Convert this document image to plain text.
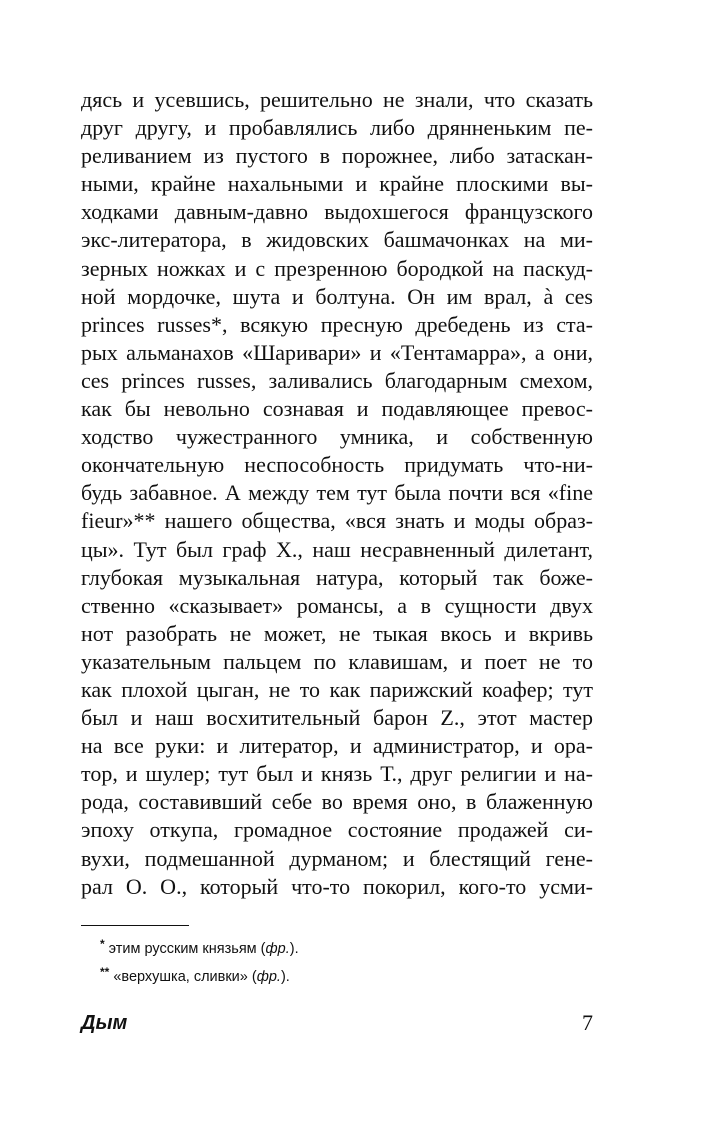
дясь и усевшись, решительно не знали, что сказать
друг другу, и пробавлялись либо дрянненьким пе-
реливанием из пустого в порожнее, либо затаскан-
ными, крайне нахальными и крайне плоскими вы-
ходками давным-давно выдохшегося французского
экс-литератора, в жидовских башмачонках на ми-
зерных ножках и с презренною бородкой на паскуд-
ной мордочке, шута и болтуна. Он им врал, à ces
princes russes*, всякую пресную дребедень из ста-
рых альманахов «Шаривари» и «Тентамарра», а они,
ces princes russes, заливались благодарным смехом,
как бы невольно сознавая и подавляющее превос-
ходство чужестранного умника, и собственную
окончательную неспособность придумать что-ни-
будь забавное. А между тем тут была почти вся «fine
fieur»** нашего общества, «вся знать и моды образ-
цы». Тут был граф X., наш несравненный дилетант,
глубокая музыкальная натура, который так боже-
ственно «сказывает» романсы, а в сущности двух
нот разобрать не может, не тыкая вкось и вкривь
указательным пальцем по клавишам, и поет не то
как плохой цыган, не то как парижский коафер; тут
был и наш восхитительный барон Z., этот мастер
на все руки: и литератор, и администратор, и ора-
тор, и шулер; тут был и князь Т., друг религии и на-
рода, составивший себе во время оно, в блаженную
эпоху откупа, громадное состояние продажей си-
вухи, подмешанной дурманом; и блестящий гене-
рал О. О., который что-то покорил, кого-то усми-
* этим русским князьям (фр.).
** «верхушка, сливки» (фр.).
Дым	7
